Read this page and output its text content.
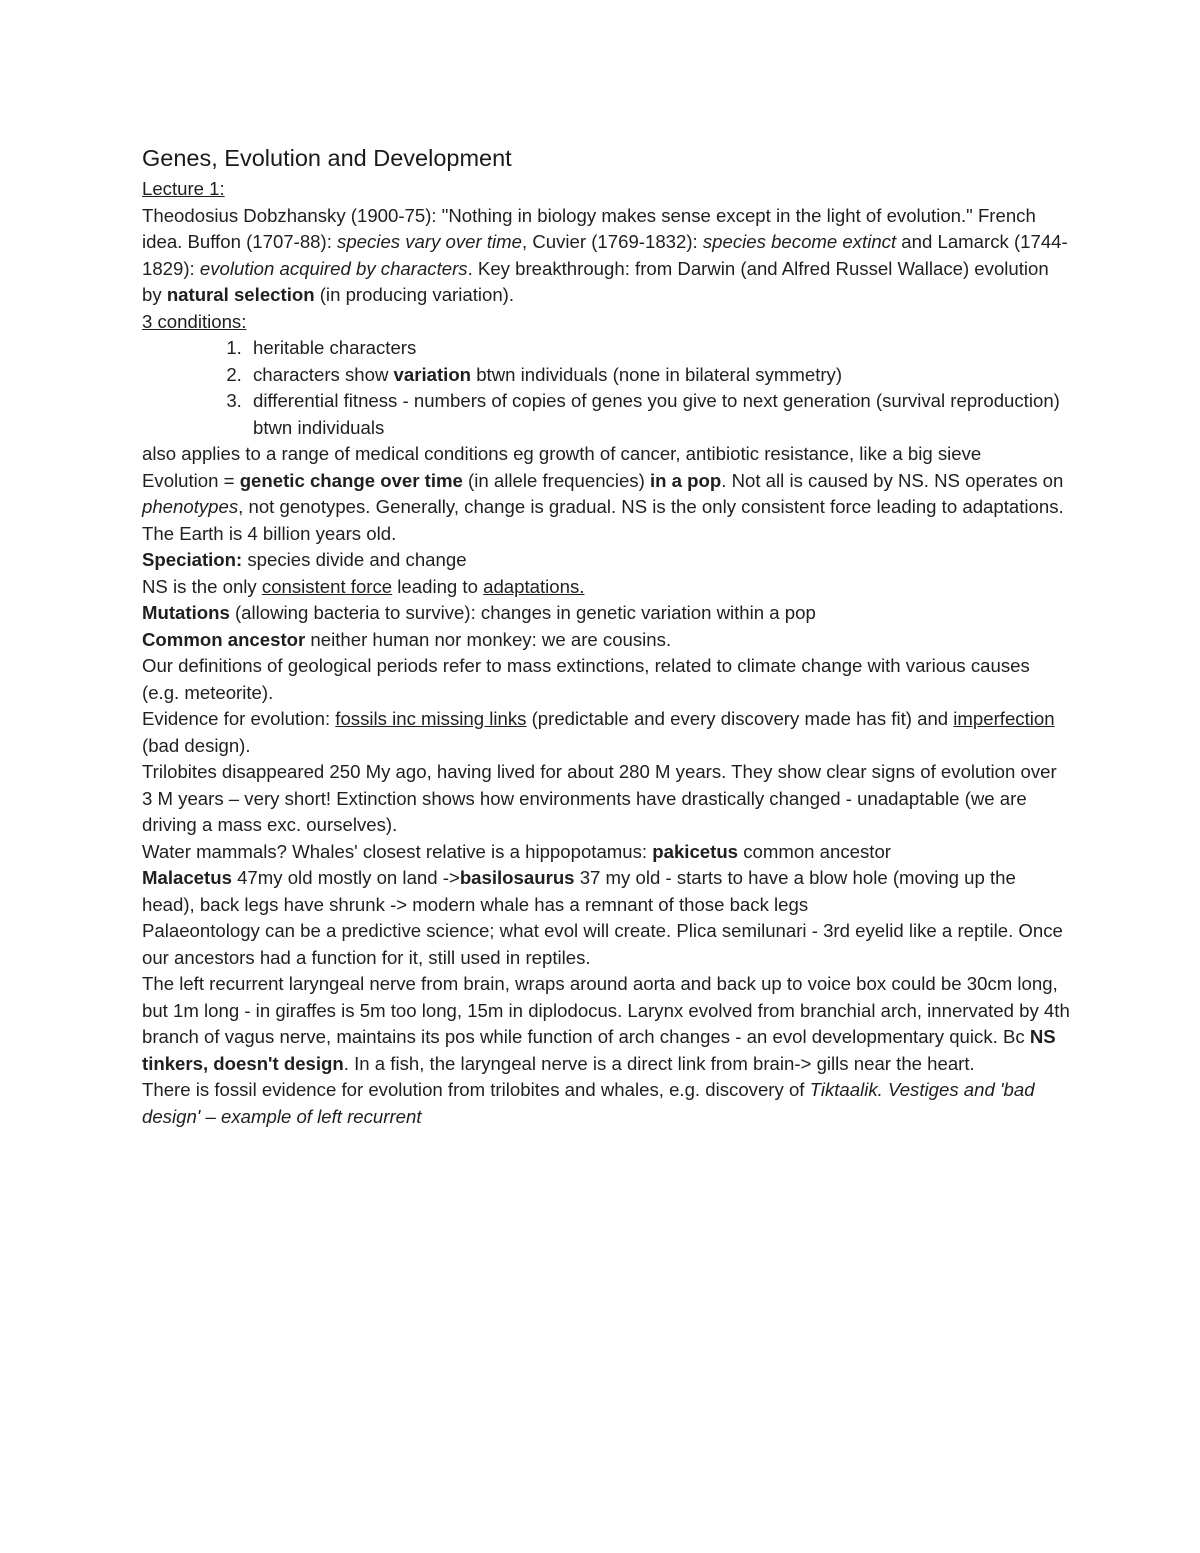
Genes, Evolution and Development

Lecture 1:

Theodosius Dobzhansky (1900-75): "Nothing in biology makes sense except in the light of evolution." French idea. Buffon (1707-88): species vary over time, Cuvier (1769-1832): species become extinct and Lamarck (1744-1829): evolution acquired by characters. Key breakthrough: from Darwin (and Alfred Russel Wallace) evolution by natural selection (in producing variation).

3 conditions:

1. heritable characters
2. characters show variation btwn individuals (none in bilateral symmetry)
3. differential fitness - numbers of copies of genes you give to next generation (survival reproduction) btwn individuals

also applies to a range of medical conditions eg growth of cancer, antibiotic resistance, like a big sieve

Evolution = genetic change over time (in allele frequencies) in a pop. Not all is caused by NS. NS operates on phenotypes, not genotypes. Generally, change is gradual. NS is the only consistent force leading to adaptations.

The Earth is 4 billion years old.

Speciation: species divide and change

NS is the only consistent force leading to adaptations.

Mutations (allowing bacteria to survive): changes in genetic variation within a pop

Common ancestor neither human nor monkey: we are cousins.

Our definitions of geological periods refer to mass extinctions, related to climate change with various causes (e.g. meteorite).

Evidence for evolution: fossils inc missing links (predictable and every discovery made has fit) and imperfection (bad design).

Trilobites disappeared 250 My ago, having lived for about 280 M years. They show clear signs of evolution over 3 M years – very short! Extinction shows how environments have drastically changed - unadaptable (we are driving a mass exc. ourselves).

Water mammals? Whales' closest relative is a hippopotamus: pakicetus common ancestor

Malacetus 47my old mostly on land ->basilosaurus 37 my old - starts to have a blow hole (moving up the head), back legs have shrunk -> modern whale has a remnant of those back legs

Palaeontology can be a predictive science; what evol will create. Plica semilunari - 3rd eyelid like a reptile. Once our ancestors had a function for it, still used in reptiles.

The left recurrent laryngeal nerve from brain, wraps around aorta and back up to voice box could be 30cm long, but 1m long - in giraffes is 5m too long, 15m in diplodocus. Larynx evolved from branchial arch, innervated by 4th branch of vagus nerve, maintains its pos while function of arch changes - an evol developmentary quick. Bc NS tinkers, doesn't design. In a fish, the laryngeal nerve is a direct link from brain-> gills near the heart.

There is fossil evidence for evolution from trilobites and whales, e.g. discovery of Tiktaalik. Vestiges and 'bad design' – example of left recurrent
